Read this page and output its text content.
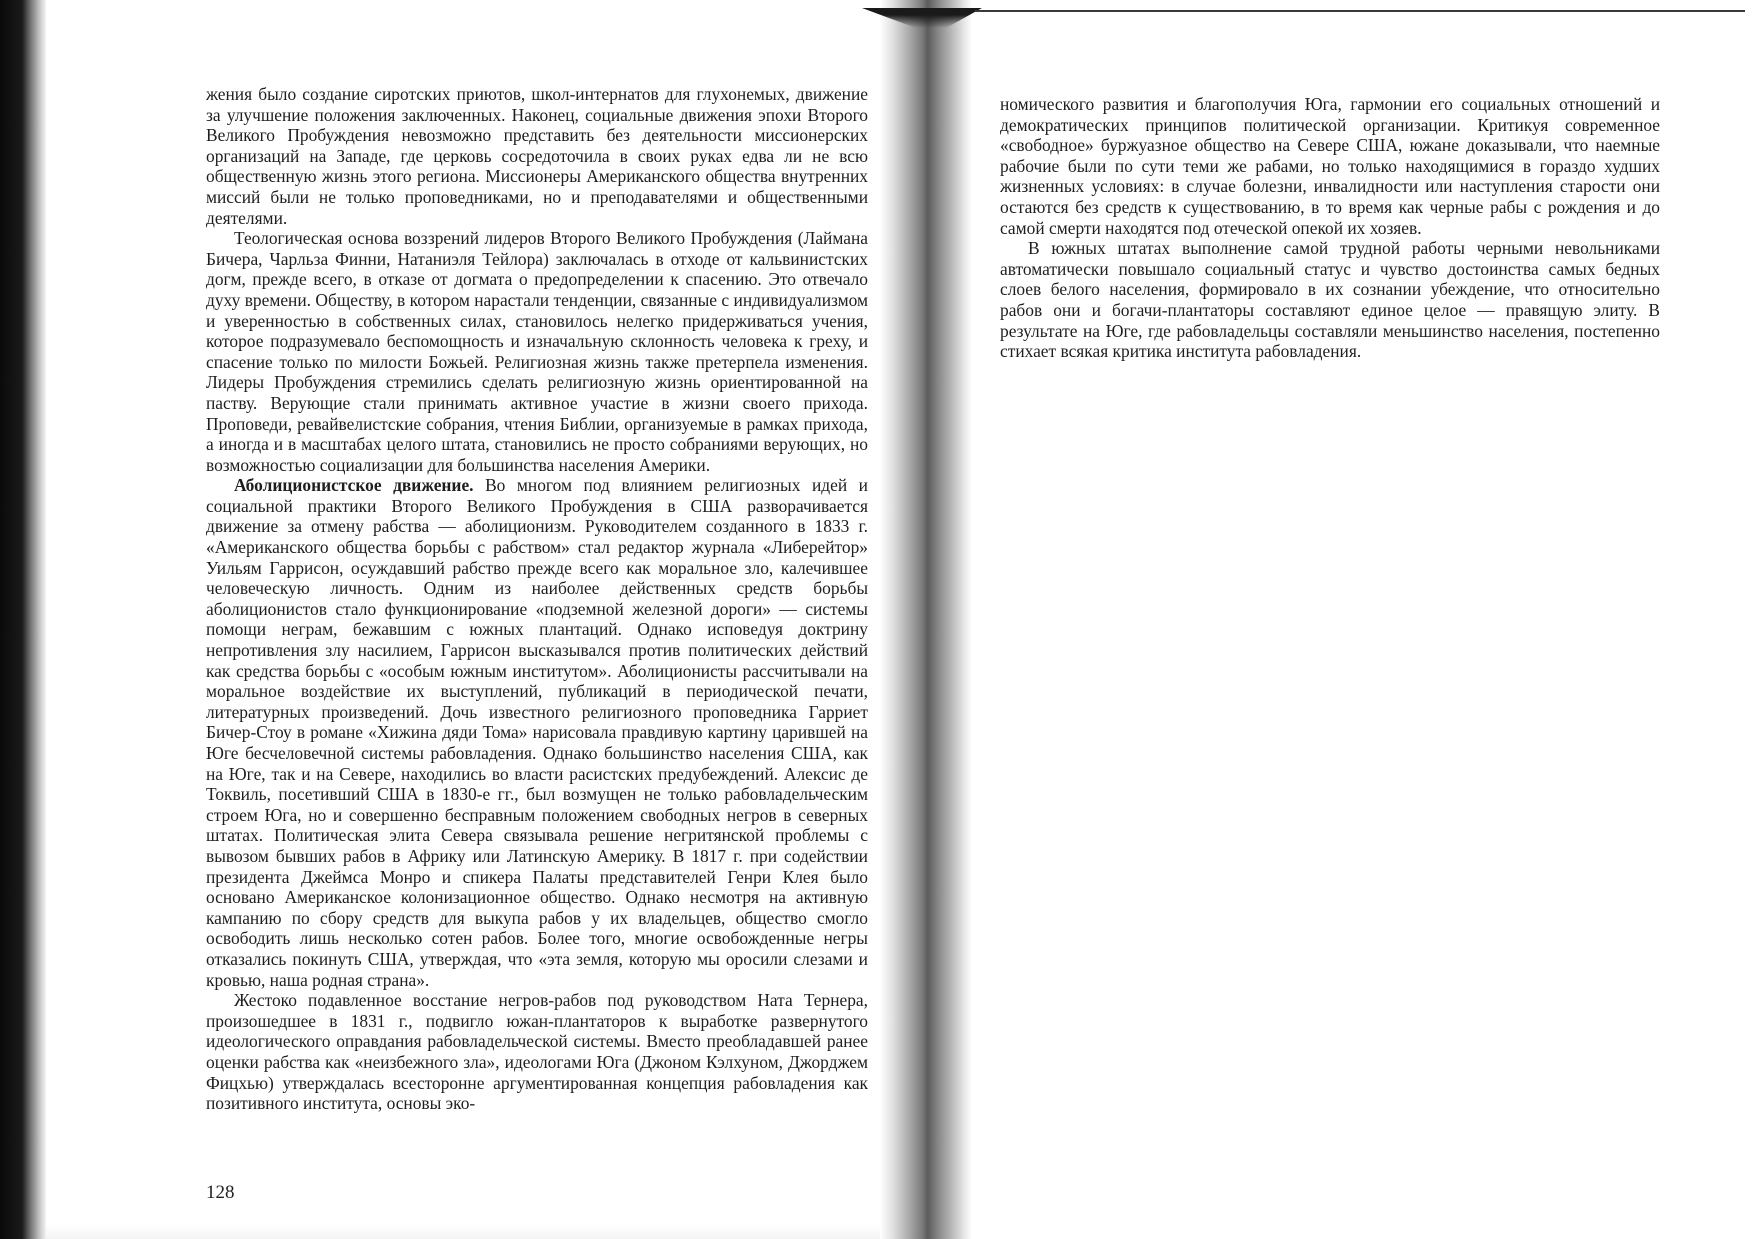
жения было создание сиротских приютов, школ-интернатов для глухонемых, движение за улучшение положения заключенных. Наконец, социальные движения эпохи Второго Великого Пробуждения невозможно представить без деятельности миссионерских организаций на Западе, где церковь сосредоточила в своих руках едва ли не всю общественную жизнь этого региона. Миссионеры Американского общества внутренних миссий были не только проповедниками, но и преподавателями и общественными деятелями.

Теологическая основа воззрений лидеров Второго Великого Пробуждения (Лаймана Бичера, Чарльза Финни, Натаниэля Тейлора) заключалась в отходе от кальвинистских догм, прежде всего, в отказе от догмата о предопределении к спасению. Это отвечало духу времени. Обществу, в котором нарастали тенденции, связанные с индивидуализмом и уверенностью в собственных силах, становилось нелегко придерживаться учения, которое подразумевало беспомощность и изначальную склонность человека к греху, и спасение только по милости Божьей. Религиозная жизнь также претерпела изменения. Лидеры Пробуждения стремились сделать религиозную жизнь ориентированной на паству. Верующие стали принимать активное участие в жизни своего прихода. Проповеди, ревайвелистские собрания, чтения Библии, организуемые в рамках прихода, а иногда и в масштабах целого штата, становились не просто собраниями верующих, но возможностью социализации для большинства населения Америки.

Аболиционистское движение. Во многом под влиянием религиозных идей и социальной практики Второго Великого Пробуждения в США разворачивается движение за отмену рабства — аболиционизм. Руководителем созданного в 1833 г. «Американского общества борьбы с рабством» стал редактор журнала «Либерейтор» Уильям Гаррисон, осуждавший рабство прежде всего как моральное зло, калечившее человеческую личность. Одним из наиболее действенных средств борьбы аболиционистов стало функционирование «подземной железной дороги» — системы помощи неграм, бежавшим с южных плантаций. Однако исповедуя доктрину непротивления злу насилием, Гаррисон высказывался против политических действий как средства борьбы с «особым южным институтом». Аболиционисты рассчитывали на моральное воздействие их выступлений, публикаций в периодической печати, литературных произведений. Дочь известного религиозного проповедника Гарриет Бичер-Стоу в романе «Хижина дяди Тома» нарисовала правдивую картину царившей на Юге бесчеловечной системы рабовладения. Однако большинство населения США, как на Юге, так и на Севере, находились во власти расистских предубеждений. Алексис де Токвиль, посетивший США в 1830-е гг., был возмущен не только рабовладельческим строем Юга, но и совершенно бесправным положением свободных негров в северных штатах. Политическая элита Севера связывала решение негритянской проблемы с вывозом бывших рабов в Африку или Латинскую Америку. В 1817 г. при содействии президента Джеймса Монро и спикера Палаты представителей Генри Клея было основано Американское колонизационное общество. Однако несмотря на активную кампанию по сбору средств для выкупа рабов у их владельцев, общество смогло освободить лишь несколько сотен рабов. Более того, многие освобожденные негры отказались покинуть США, утверждая, что «эта земля, которую мы оросили слезами и кровью, наша родная страна».

Жестоко подавленное восстание негров-рабов под руководством Ната Тернера, произошедшее в 1831 г., подвигло южан-плантаторов к выработке развернутого идеологического оправдания рабовладельческой системы. Вместо преобладавшей ранее оценки рабства как «неизбежного зла», идеологами Юга (Джоном Кэлхуном, Джорджем Фицхью) утверждалась всесторонне аргументированная концепция рабовладения как позитивного института, основы эко-

128

номического развития и благополучия Юга, гармонии его социальных отношений и демократических принципов политической организации. Критикуя современное «свободное» буржуазное общество на Севере США, южане доказывали, что наемные рабочие были по сути теми же рабами, но только находящимися в гораздо худших жизненных условиях: в случае болезни, инвалидности или наступления старости они остаются без средств к существованию, в то время как черные рабы с рождения и до самой смерти находятся под отеческой опекой их хозяев.

В южных штатах выполнение самой трудной работы черными невольниками автоматически повышало социальный статус и чувство достоинства самых бедных слоев белого населения, формировало в их сознании убеждение, что относительно рабов они и богачи-плантаторы составляют единое целое — правящую элиту. В результате на Юге, где рабовладельцы составляли меньшинство населения, постепенно стихает всякая критика института рабовладения.
